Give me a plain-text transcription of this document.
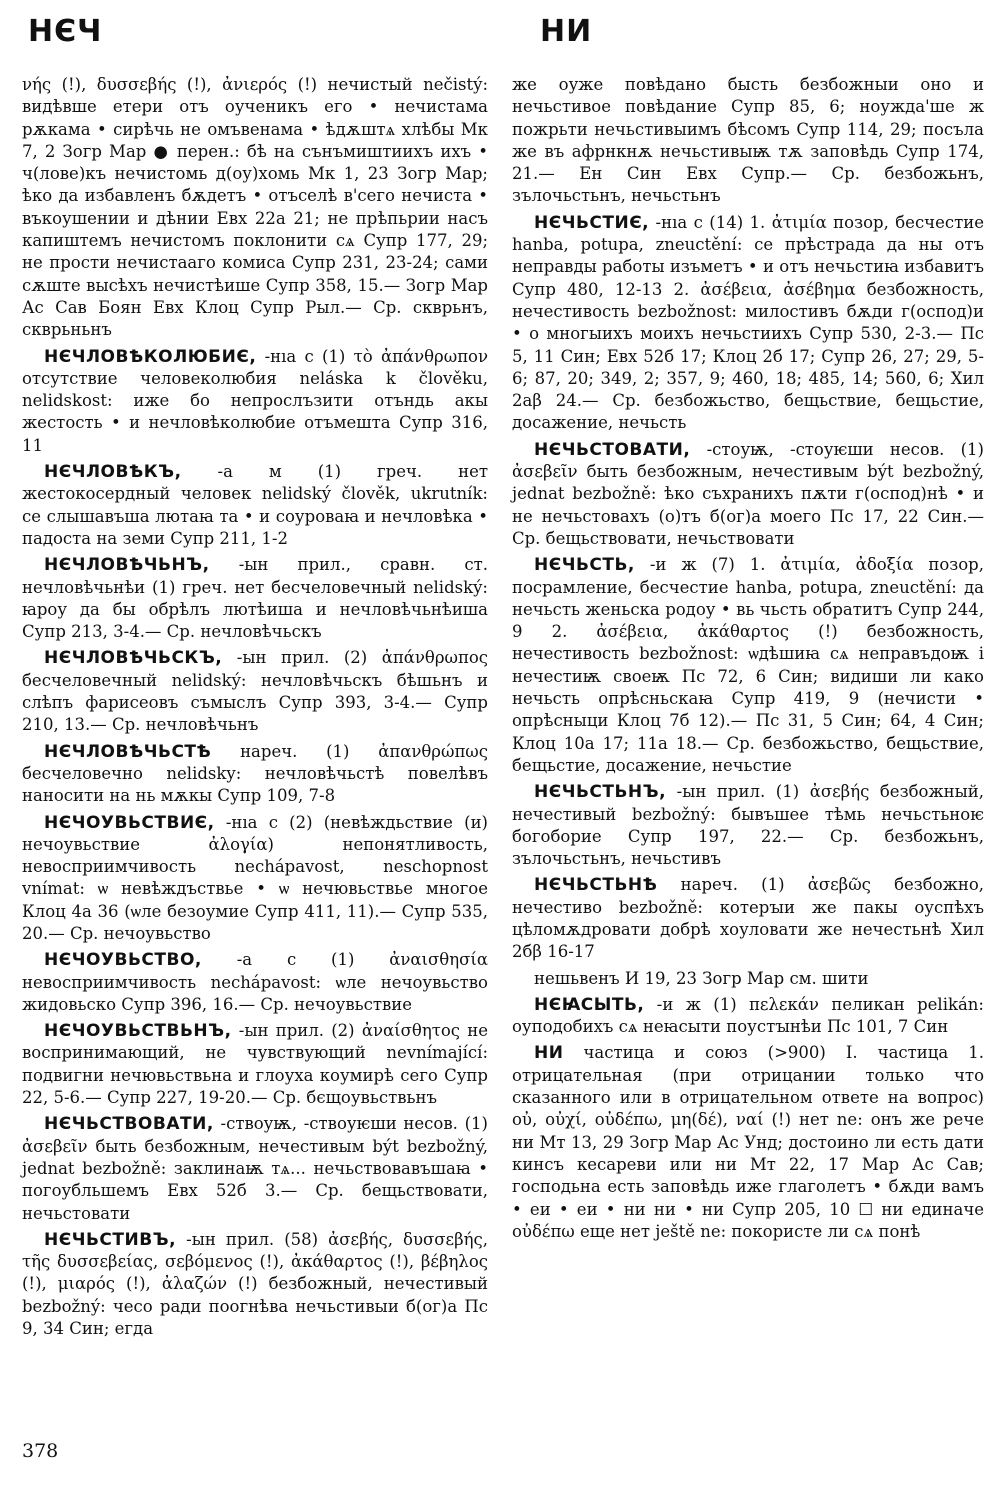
НЄЧ	НИ

νής (!), δυσσεβής (!), ἀνιερός (!) нечистый nečistý: видѣвше етери отъ оученикъ его • нечистама рѫкама • сирѣчь не омъвенама • ѣдѫштѧ хлѣбы Мк 7, 2 Зогр Мар ● перен.: бѣ на сънъмиштиихъ ихъ • ч(лове)къ нечистомь д(оу)хомь Мк 1, 23 Зогр Мар; ѣко да избавленъ бѫдетъ • отъселѣ в'сего нечиста • въкоушении и дѣнии Евх 22а 21; не прѣпьрии насъ капиштемъ нечистомъ поклонити сѧ Супр 177, 29; не прости нечистааго комиса Супр 231, 23-24; сами сѫште высѣхъ нечистѣише Супр 358, 15.— Зогр Мар Ас Сав Боян Евх Клоц Супр Рыл.— Ср. скврьнъ, скврьньнъ

НЄЧЛОВѢКОЛЮБИЄ, -нıа с (1) τὸ ἀπάνθρωπον отсутствие человеколюбия neláska k člověku, nelidskost: иже бо непрослъзити отъндь акы жестость • и нечловѣколюбие отъмешта Супр 316, 11

НЄЧЛОВѢКЪ, -а м (1) греч. нет жестокосердный человек nelidský člověk, ukrutník: се слышавъша лютаꙗ та • и соуроваꙗ и нечловѣка • падоста на земи Супр 211, 1-2

НЄЧЛОВѢЧЬНЪ, -ын прил., сравн. ст. нечловѣчьнѣи (1) греч. нет бесчеловечный nelidský: ꙗроу да бы обрѣлъ лютѣиша и нечловѣчьнѣиша Супр 213, 3-4.— Ср. нечловѣчьскъ

НЄЧЛОВѢЧЬСКЪ, -ын прил. (2) ἀπάνθρωπος бесчеловечный nelidský: нечловѣчьскъ бѣшьнъ и слѣпъ фарисеовъ съмыслъ Супр 393, 3-4.— Супр 210, 13.— Ср. нечловѣчьнъ

НЄЧЛОВѢЧЬСТѢ нареч. (1) ἀπανθρώπως бесчеловечно nelidsky: нечловѣчьстѣ повелѣвъ наносити на нь мѫкы Супр 109, 7-8

НЄЧОУВЬСТВИЄ, -нıа с (2) (невѣждьствие (и) нечоувьствие ἀλογία) непонятливость, невосприимчивость nechápavost, neschopnost vnímat: ѡ невѣждъствье • ѡ нечювьствье многое Клоц 4а 36 (ѡле безоумие Супр 411, 11).— Супр 535, 20.— Ср. нечоувьство

НЄЧОУВЬСТВО, -а с (1) ἀναισθησία невосприимчивость nechápavost: ѡле нечоувьство жидовьско Супр 396, 16.— Ср. нечоувьствие

НЄЧОУВЬСТВЬНЪ, -ын прил. (2) ἀναίσθητος не воспринимающий, не чувствующий nevnímající: подвигни нечювьствьна и глоуха коумирѣ сего Супр 22, 5-6.— Супр 227, 19-20.— Ср. бєщоувьствьнъ

НЄЧЬСТВОВАТИ, -ствоуѭ, -ствоуѥши несов. (1) ἀσεβεῖν быть безбожным, нечестивым být bezbožný, jednat bezbožně: заклинаѭ тѧ... нечьствовавъшаꙗ • погоубльшемъ Евх 52б 3.— Ср. бещьствовати, нечьстовати

НЄЧЬСТИВЪ, -ын прил. (58) ἀσεβής, δυσσεβής, τῆς δυσσεβείας, σεβόμενος (!), ἀκάθαρτος (!), βέβηλος (!), μιαρός (!), ἀλαζών (!) безбожный, нечестивый bezbožný: чесо ради поогнѣва нечьстивыи б(ог)а Пс 9, 34 Син; егда

же оуже повѣдано бысть безбожныи оно и нечьстивое повѣдание Супр 85, 6; ноужда'ше ж пожрьти нечьстивыимъ бѣсомъ Супр 114, 29; посъла же въ афрнкнѫ нечьстивыѭ тѫ заповѣдь Супр 174, 21.— Ен Син Евх Супр.— Ср. безбожьнъ, зълочьстьнъ, нечьстьнъ

НЄЧЬСТИЄ, -нıа с (14) 1. ἀτιμία позор, бесчестие hanba, potupa, zneuctění: се прѣстрада да ны отъ неправды работы изъметъ • и отъ нечьстиꙗ избавитъ Супр 480, 12-13 2. ἀσέβεια, ἀσέβημα безбожность, нечестивость bezbožnost: милостивъ бѫди г(оспод)и • о многыихъ моихъ нечьстиихъ Супр 530, 2-3.— Пс 5, 11 Син; Евх 52б 17; Клоц 2б 17; Супр 26, 27; 29, 5-6; 87, 20; 349, 2; 357, 9; 460, 18; 485, 14; 560, 6; Хил 2аβ 24.— Ср. безбожьство, бещьствие, бещьстие, досажение, нечьсть

НЄЧЬСТОВАТИ, -стоуѭ, -стоуѥши несов. (1) ἀσεβεῖν быть безбожным, нечестивым být bezbožný, jednat bezbožně: ѣко съхранихъ пѫти г(оспод)нѣ • и не нечьстовахъ (о)тъ б(ог)а моего Пс 17, 22 Син.— Ср. бещьствовати, нечьствовати

НЄЧЬСТЬ, -и ж (7) 1. ἀτιμία, ἀδοξία позор, посрамление, бесчестие hanba, potupa, zneuctění: да нечьсть женьска родоу • вь чьсть обратитъ Супр 244, 9 2. ἀσέβεια, ἀκάθαρτος (!) безбожность, нечестивость bezbožnost: ѡдѣшиꙗ сѧ неправъдоѭ і нечестиѭ своеѭ Пс 72, 6 Син; видиши ли како нечьсть опрѣсньскаꙗ Супр 419, 9 (нечисти • опрѣсныци Клоц 7б 12).— Пс 31, 5 Син; 64, 4 Син; Клоц 10а 17; 11а 18.— Ср. безбожьство, бещьствие, бещьстие, досажение, нечьстие

НЄЧЬСТЬНЪ, -ын прил. (1) ἀσεβής безбожный, нечестивый bezbožný: бывъшее тѣмь нечьстьноѥ богоборие Супр 197, 22.— Ср. безбожьнъ, зълочьстьнъ, нечьстивъ

НЄЧЬСТЬНѢ нареч. (1) ἀσεβῶς безбожно, нечестиво bezbožně: котерꙑи же пакы оуспѣхъ цѣломѫдровати добрѣ хоуловати же нечестьнѣ Хил 2бβ 16-17

нешьвенъ И 19, 23 Зогр Мар см. шити

НЄꙖСЫТЬ, -и ж (1) πελεκάν пеликан pelikán: оуподобихъ сѧ неꙗсыти поустꙑнѣи Пс 101, 7 Син

НИ частица и союз (>900) I. частица 1. отрицательная (при отрицании только что сказанного или в отрицательном ответе на вопрос) οὐ, οὐχί, οὐδέπω, μη(δέ), ναί (!) нет ne: онъ же рече ни Мт 13, 29 Зогр Мар Ас Унд; достоино ли есть дати кинсъ кесареви или ни Мт 22, 17 Мар Ас Сав; господьна есть заповѣдь иже глаголетъ • бѫди вамъ • еи • еи • ни ни • ни Супр 205, 10 ☐ ни единаче οὐδέπω еще нет ještě ne: покористе ли сѧ понѣ

378
